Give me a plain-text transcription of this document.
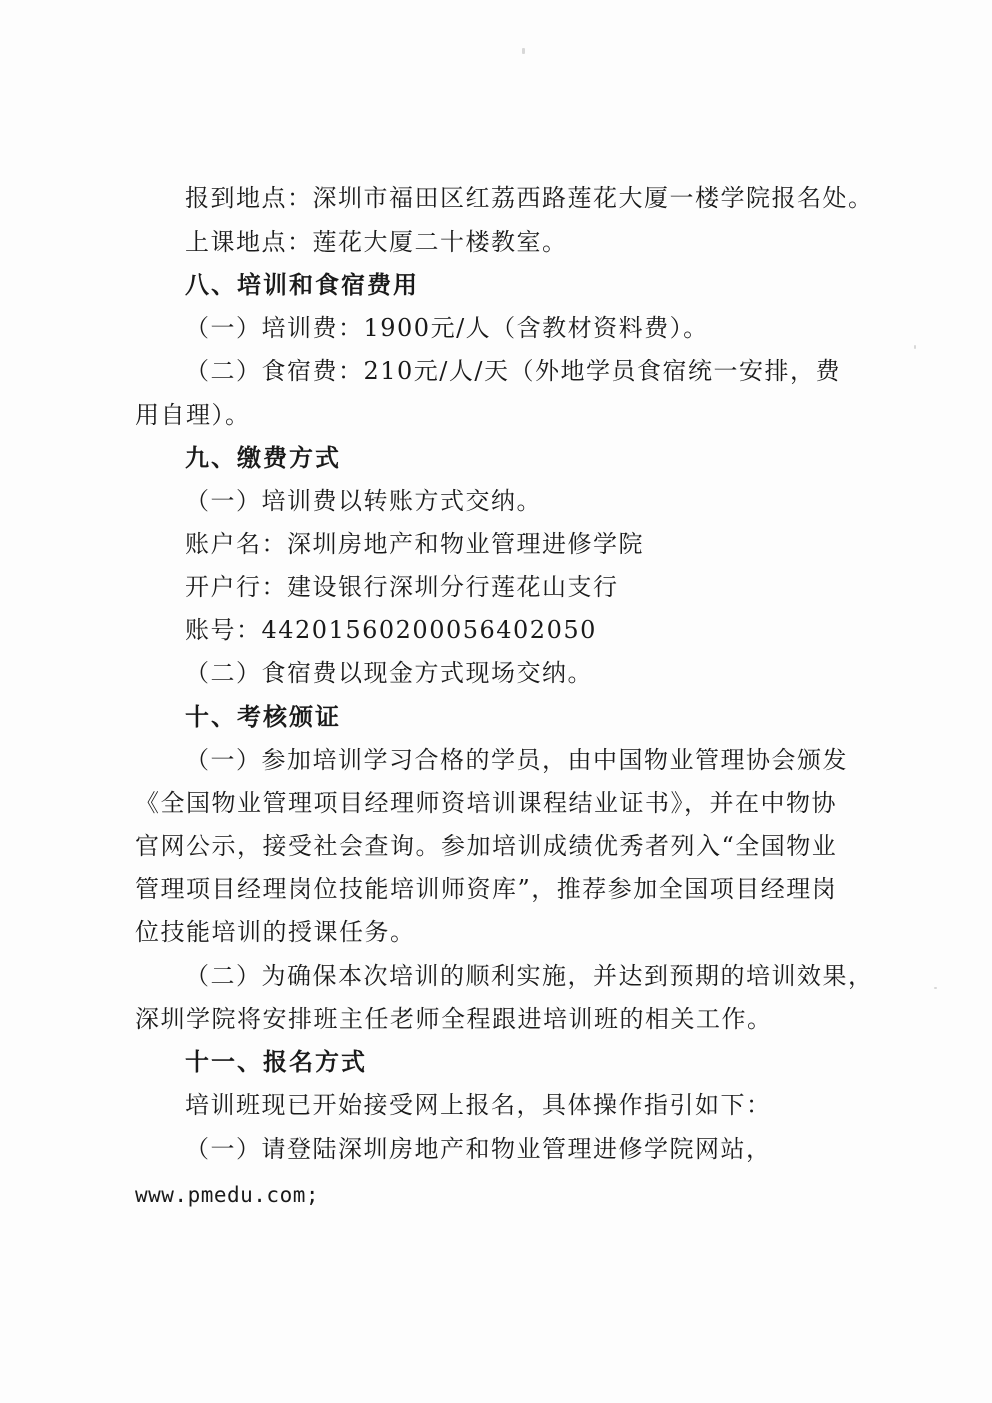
报到地点：深圳市福田区红荔西路莲花大厦一楼学院报名处。
上课地点：莲花大厦二十楼教室。
八、培训和食宿费用
（一）培训费：1900元/人（含教材资料费）。
（二）食宿费：210元/人/天（外地学员食宿统一安排，费
用自理）。
九、缴费方式
（一）培训费以转账方式交纳。
账户名：深圳房地产和物业管理进修学院
开户行：建设银行深圳分行莲花山支行
账号：44201560200056402050
（二）食宿费以现金方式现场交纳。
十、考核颁证
（一）参加培训学习合格的学员，由中国物业管理协会颁发
《全国物业管理项目经理师资培训课程结业证书》，并在中物协
官网公示，接受社会查询。参加培训成绩优秀者列入“全国物业
管理项目经理岗位技能培训师资库”，推荐参加全国项目经理岗
位技能培训的授课任务。
（二）为确保本次培训的顺利实施，并达到预期的培训效果，
深圳学院将安排班主任老师全程跟进培训班的相关工作。
十一、报名方式
培训班现已开始接受网上报名，具体操作指引如下：
（一）请登陆深圳房地产和物业管理进修学院网站，
www.pmedu.com;
